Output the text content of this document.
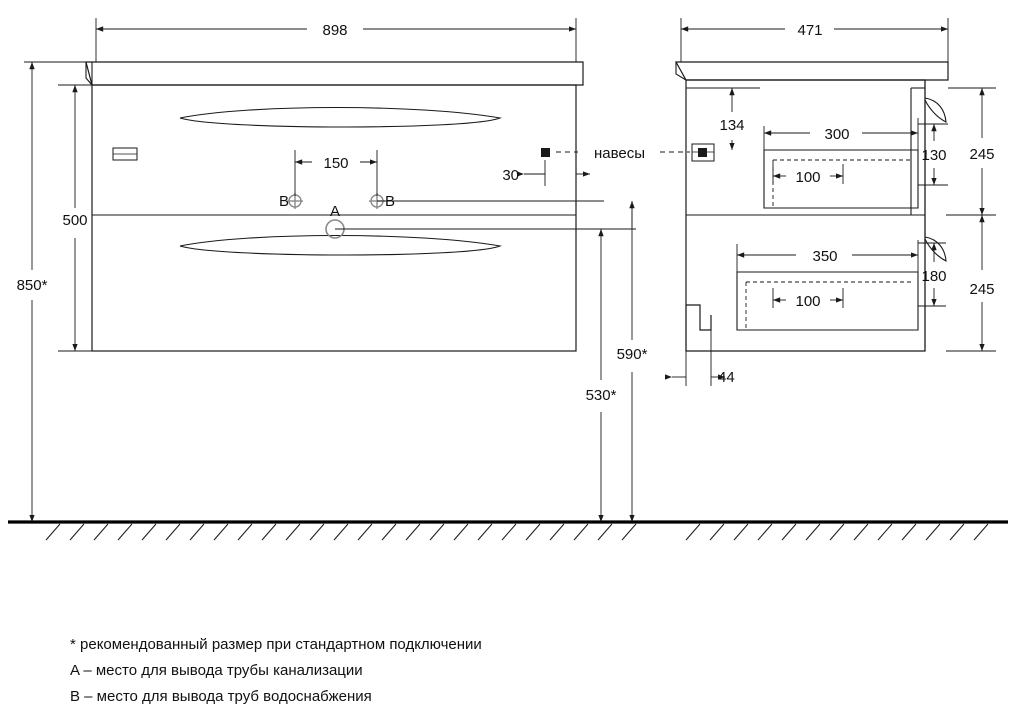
898
500
850*
150
30
590*
530*
471
134
300
100
130 245
350
100
180
245
44
A
B	B
навесы
* рекомендованный размер при стандартном подключении
A – место для вывода трубы канализации
B – место для вывода труб водоснабжения
